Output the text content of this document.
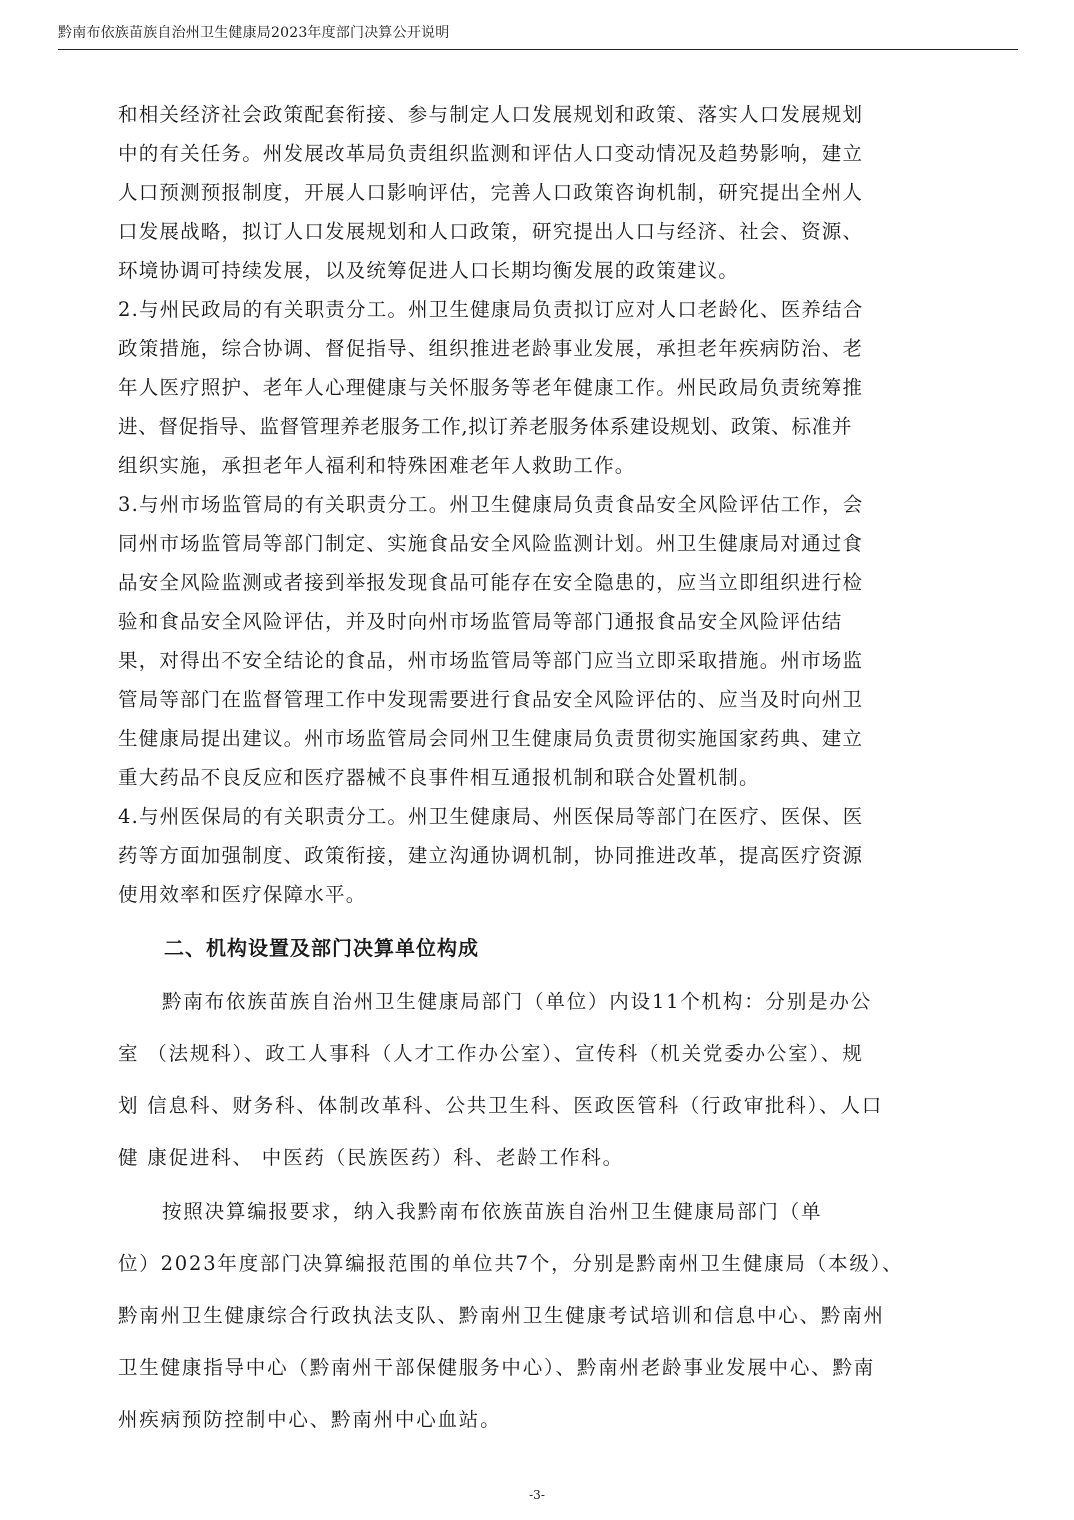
黔南布依族苗族自治州卫生健康局2023年度部门决算公开说明
和相关经济社会政策配套衔接、参与制定人口发展规划和政策、落实人口发展规划
中的有关任务。州发展改革局负责组织监测和评估人口变动情况及趋势影响，建立
人口预测预报制度，开展人口影响评估，完善人口政策咨询机制，研究提出全州人
口发展战略，拟订人口发展规划和人口政策，研究提出人口与经济、社会、资源、
环境协调可持续发展，以及统筹促进人口长期均衡发展的政策建议。
2.与州民政局的有关职责分工。州卫生健康局负责拟订应对人口老龄化、医养结合
政策措施，综合协调、督促指导、组织推进老龄事业发展，承担老年疾病防治、老
年人医疗照护、老年人心理健康与关怀服务等老年健康工作。州民政局负责统筹推
进、督促指导、监督管理养老服务工作,拟订养老服务体系建设规划、政策、标准并
组织实施，承担老年人福利和特殊困难老年人救助工作。
3.与州市场监管局的有关职责分工。州卫生健康局负责食品安全风险评估工作，会
同州市场监管局等部门制定、实施食品安全风险监测计划。州卫生健康局对通过食
品安全风险监测或者接到举报发现食品可能存在安全隐患的，应当立即组织进行检
验和食品安全风险评估，并及时向州市场监管局等部门通报食品安全风险评估结
果，对得出不安全结论的食品，州市场监管局等部门应当立即采取措施。州市场监
管局等部门在监督管理工作中发现需要进行食品安全风险评估的、应当及时向州卫
生健康局提出建议。州市场监管局会同州卫生健康局负责贯彻实施国家药典、建立
重大药品不良反应和医疗器械不良事件相互通报机制和联合处置机制。
4.与州医保局的有关职责分工。州卫生健康局、州医保局等部门在医疗、医保、医
药等方面加强制度、政策衔接，建立沟通协调机制，协同推进改革，提高医疗资源
使用效率和医疗保障水平。
二、机构设置及部门决算单位构成
黔南布依族苗族自治州卫生健康局部门（单位）内设11个机构：分别是办公
室 （法规科）、政工人事科（人才工作办公室）、宣传科（机关党委办公室）、规
划 信息科、财务科、体制改革科、公共卫生科、医政医管科（行政审批科）、人口
健 康促进科、 中医药（民族医药）科、老龄工作科。
按照决算编报要求，纳入我黔南布依族苗族自治州卫生健康局部门（单
位）2023年度部门决算编报范围的单位共7个，分别是黔南州卫生健康局（本级）、
黔南州卫生健康综合行政执法支队、黔南州卫生健康考试培训和信息中心、黔南州
卫生健康指导中心（黔南州干部保健服务中心）、黔南州老龄事业发展中心、黔南
州疾病预防控制中心、黔南州中心血站。
-3-
